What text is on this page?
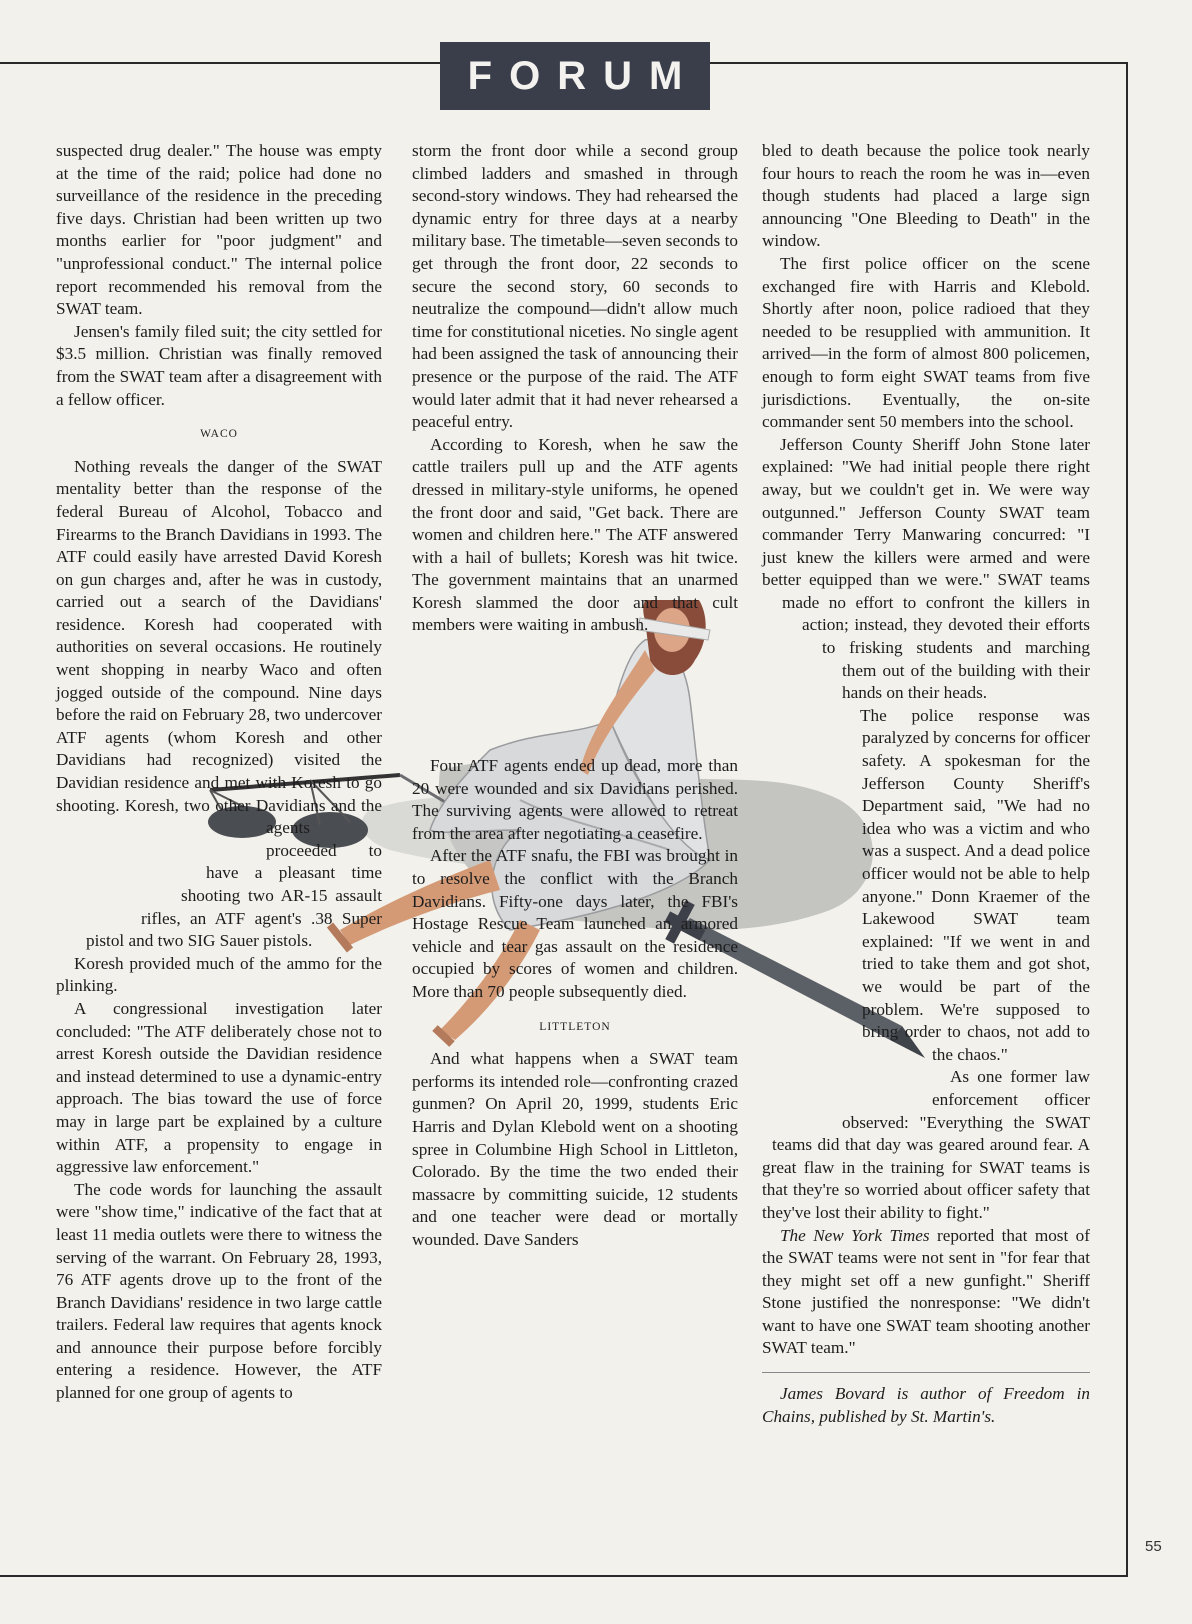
FORUM

suspected drug dealer." The house was empty at the time of the raid; police had done no surveillance of the residence in the preceding five days. Christian had been written up two months earlier for "poor judgment" and "unprofessional conduct." The internal police report recommended his removal from the SWAT team.

Jensen's family filed suit; the city settled for $3.5 million. Christian was finally removed from the SWAT team after a disagreement with a fellow officer.

WACO

Nothing reveals the danger of the SWAT mentality better than the response of the federal Bureau of Alcohol, Tobacco and Firearms to the Branch Davidians in 1993. The ATF could easily have arrested David Koresh on gun charges and, after he was in custody, carried out a search of the Davidians' residence. Koresh had cooperated with authorities on several occasions. He routinely went shopping in nearby Waco and often jogged outside of the compound. Nine days before the raid on February 28, two undercover ATF agents (whom Koresh and other Davidians had recognized) visited the Davidian residence and met with Koresh to go shooting. Koresh, two other Davidians and the agents proceeded to have a pleasant time shooting two AR-15 assault rifles, an ATF agent's .38 Super pistol and two SIG Sauer pistols.

Koresh provided much of the ammo for the plinking.

A congressional investigation later concluded: "The ATF deliberately chose not to arrest Koresh outside the Davidian residence and instead determined to use a dynamic-entry approach. The bias toward the use of force may in large part be explained by a culture within ATF, a propensity to engage in aggressive law enforcement."

The code words for launching the assault were "show time," indicative of the fact that at least 11 media outlets were there to witness the serving of the warrant. On February 28, 1993, 76 ATF agents drove up to the front of the Branch Davidians' residence in two large cattle trailers. Federal law requires that agents knock and announce their purpose before forcibly entering a residence. However, the ATF planned for one group of agents to

storm the front door while a second group climbed ladders and smashed in through second-story windows. They had rehearsed the dynamic entry for three days at a nearby military base. The timetable—seven seconds to get through the front door, 22 seconds to secure the second story, 60 seconds to neutralize the compound—didn't allow much time for constitutional niceties. No single agent had been assigned the task of announcing their presence or the purpose of the raid. The ATF would later admit that it had never rehearsed a peaceful entry.

According to Koresh, when he saw the cattle trailers pull up and the ATF agents dressed in military-style uniforms, he opened the front door and said, "Get back. There are women and children here." The ATF answered with a hail of bullets; Koresh was hit twice. The government maintains that an unarmed Koresh slammed the door and that cult members were waiting in ambush.

Four ATF agents ended up dead, more than 20 were wounded and six Davidians perished. The surviving agents were allowed to retreat from the area after negotiating a ceasefire.

After the ATF snafu, the FBI was brought in to resolve the conflict with the Branch Davidians. Fifty-one days later, the FBI's Hostage Rescue Team launched an armored vehicle and tear gas assault on the residence occupied by scores of women and children. More than 70 people subsequently died.

LITTLETON

And what happens when a SWAT team performs its intended role—confronting crazed gunmen? On April 20, 1999, students Eric Harris and Dylan Klebold went on a shooting spree in Columbine High School in Littleton, Colorado. By the time the two ended their massacre by committing suicide, 12 students and one teacher were dead or mortally wounded. Dave Sanders

bled to death because the police took nearly four hours to reach the room he was in—even though students had placed a large sign announcing "One Bleeding to Death" in the window.

The first police officer on the scene exchanged fire with Harris and Klebold. Shortly after noon, police radioed that they needed to be resupplied with ammunition. It arrived—in the form of almost 800 policemen, enough to form eight SWAT teams from five jurisdictions. Eventually, the on-site commander sent 50 members into the school.

Jefferson County Sheriff John Stone later explained: "We had initial people there right away, but we couldn't get in. We were way outgunned." Jefferson County SWAT team commander Terry Manwaring concurred: "I just knew the killers were armed and were better equipped than we were." SWAT teams made no effort to confront the killers in action; instead, they devoted their efforts to frisking students and marching them out of the building with their hands on their heads.

The police response was paralyzed by concerns for officer safety. A spokesman for the Jefferson County Sheriff's Department said, "We had no idea who was a victim and who was a suspect. And a dead police officer would not be able to help anyone." Donn Kraemer of the Lakewood SWAT team explained: "If we went in and tried to take them and got shot, we would be part of the problem. We're supposed to bring order to chaos, not add to the chaos."

As one former law enforcement officer observed: "Everything the SWAT teams did that day was geared around fear. A great flaw in the training for SWAT teams is that they're so worried about officer safety that they've lost their ability to fight."

The New York Times reported that most of the SWAT teams were not sent in "for fear that they might set off a new gunfight." Sheriff Stone justified the nonresponse: "We didn't want to have one SWAT team shooting another SWAT team."

James Bovard is author of Freedom in Chains, published by St. Martin's.

55
